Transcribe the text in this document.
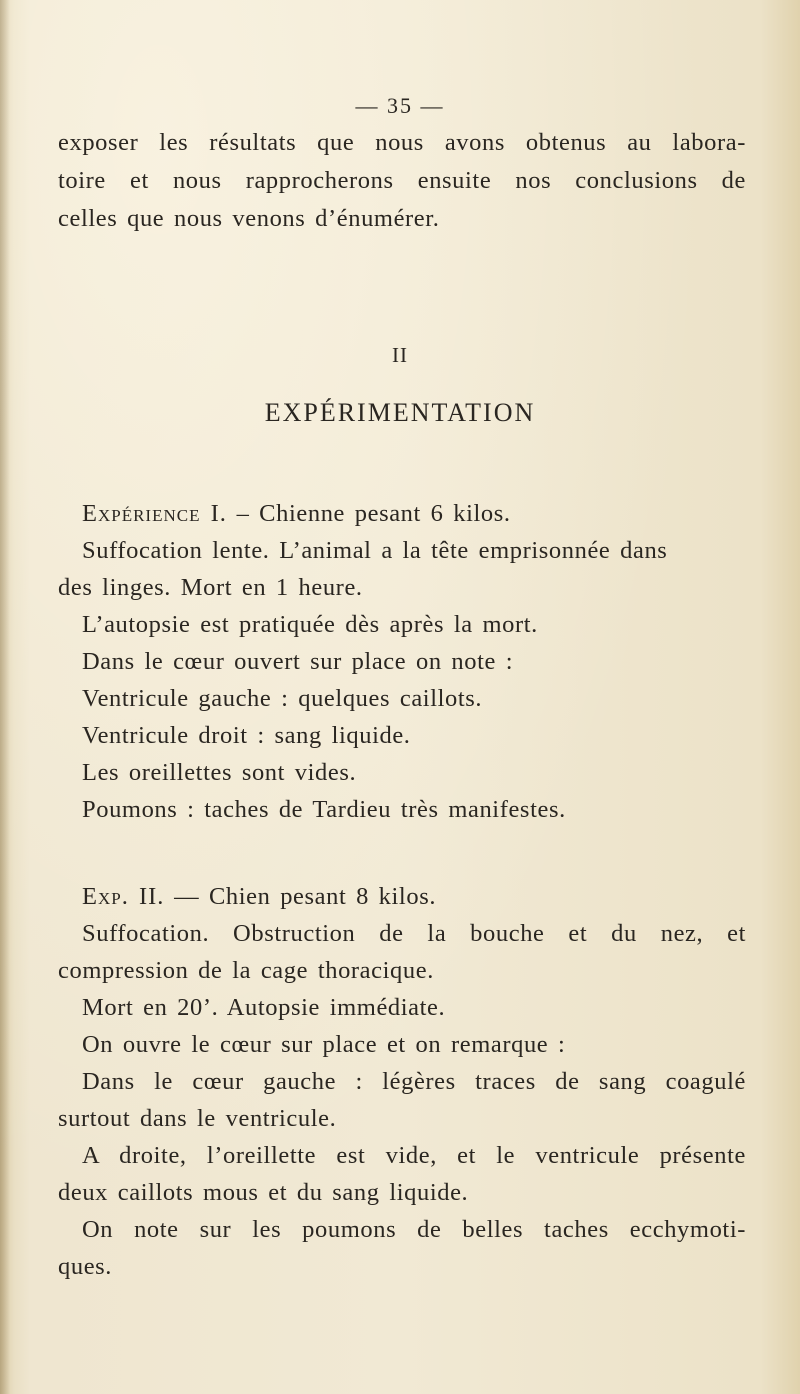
— 35 —
exposer les résultats que nous avons obtenus au labora-
toire et nous rapprocherons ensuite nos conclusions de
celles que nous venons d’énumérer.
II
EXPÉRIMENTATION
Expérience I. – Chienne pesant 6 kilos.
Suffocation lente. L’animal a la tête emprisonnée dans
des linges. Mort en 1 heure.
L’autopsie est pratiquée dès après la mort.
Dans le cœur ouvert sur place on note :
Ventricule gauche : quelques caillots.
Ventricule droit : sang liquide.
Les oreillettes sont vides.
Poumons : taches de Tardieu très manifestes.
Exp. II. — Chien pesant 8 kilos.
Suffocation. Obstruction de la bouche et du nez, et
compression de la cage thoracique.
Mort en 20’. Autopsie immédiate.
On ouvre le cœur sur place et on remarque :
Dans le cœur gauche : légères traces de sang coagulé
surtout dans le ventricule.
A droite, l’oreillette est vide, et le ventricule présente
deux caillots mous et du sang liquide.
On note sur les poumons de belles taches ecchymoti-
ques.
